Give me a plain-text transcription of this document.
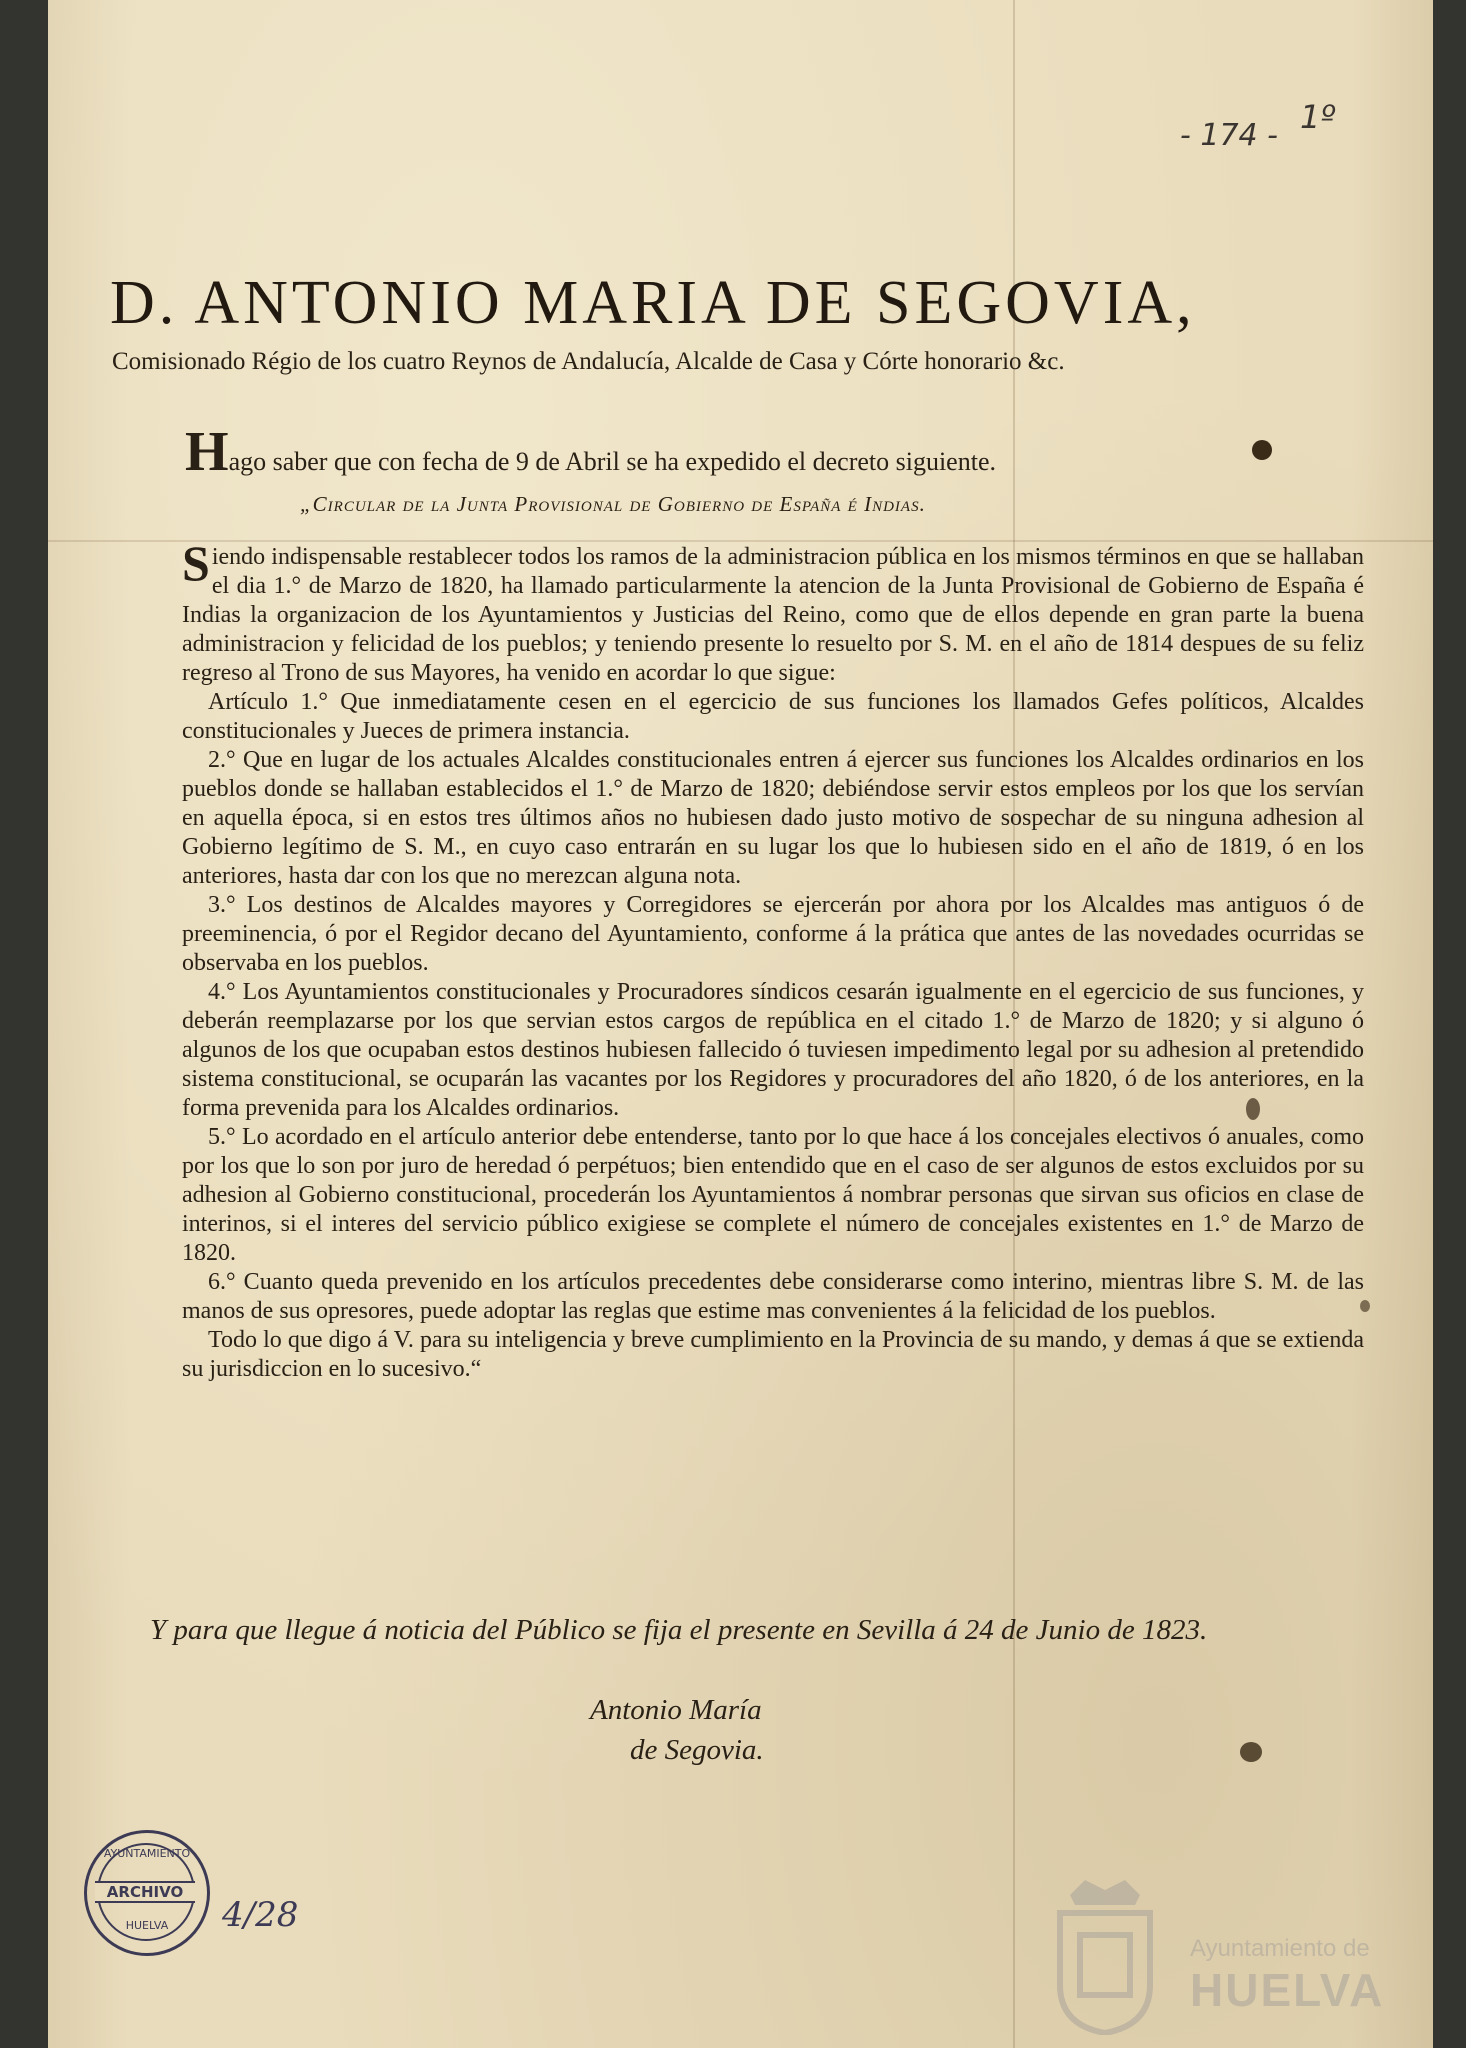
- 174 - 1º
D. ANTONIO MARIA DE SEGOVIA,
Comisionado Régio de los cuatro Reynos de Andalucía, Alcalde de Casa y Córte honorario &c.
Hago saber que con fecha de 9 de Abril se ha expedido el decreto siguiente.
„Circular de la Junta Provisional de Gobierno de España é Indias.

Siendo indispensable restablecer todos los ramos de la administracion pública en los mismos términos en que se hallaban el dia 1.° de Marzo de 1820, ha llamado particularmente la atencion de la Junta Provisional de Gobierno de España é Indias la organizacion de los Ayuntamientos y Justicias del Reino, como que de ellos depende en gran parte la buena administracion y felicidad de los pueblos; y teniendo presente lo resuelto por S. M. en el año de 1814 despues de su feliz regreso al Trono de sus Mayores, ha venido en acordar lo que sigue:

Artículo 1.° Que inmediatamente cesen en el egercicio de sus funciones los llamados Gefes políticos, Alcaldes constitucionales y Jueces de primera instancia.

2.° Que en lugar de los actuales Alcaldes constitucionales entren á ejercer sus funciones los Alcaldes ordinarios en los pueblos donde se hallaban establecidos el 1.° de Marzo de 1820; debiéndose servir estos empleos por los que los servían en aquella época, si en estos tres últimos años no hubiesen dado justo motivo de sospechar de su ninguna adhesion al Gobierno legítimo de S. M., en cuyo caso entrarán en su lugar los que lo hubiesen sido en el año de 1819, ó en los anteriores, hasta dar con los que no merezcan alguna nota.

3.° Los destinos de Alcaldes mayores y Corregidores se ejercerán por ahora por los Alcaldes mas antiguos ó de preeminencia, ó por el Regidor decano del Ayuntamiento, conforme á la prática que antes de las novedades ocurridas se observaba en los pueblos.

4.° Los Ayuntamientos constitucionales y Procuradores síndicos cesarán igualmente en el egercicio de sus funciones, y deberán reemplazarse por los que servian estos cargos de república en el citado 1.° de Marzo de 1820; y si alguno ó algunos de los que ocupaban estos destinos hubiesen fallecido ó tuviesen impedimento legal por su adhesion al pretendido sistema constitucional, se ocuparán las vacantes por los Regidores y procuradores del año 1820, ó de los anteriores, en la forma prevenida para los Alcaldes ordinarios.

5.° Lo acordado en el artículo anterior debe entenderse, tanto por lo que hace á los concejales electivos ó anuales, como por los que lo son por juro de heredad ó perpétuos; bien entendido que en el caso de ser algunos de estos excluidos por su adhesion al Gobierno constitucional, procederán los Ayuntamientos á nombrar personas que sirvan sus oficios en clase de interinos, si el interes del servicio público exigiese se complete el número de concejales existentes en 1.° de Marzo de 1820.

6.° Cuanto queda prevenido en los artículos precedentes debe considerarse como interino, mientras libre S. M. de las manos de sus opresores, puede adoptar las reglas que estime mas convenientes á la felicidad de los pueblos.

Todo lo que digo á V. para su inteligencia y breve cumplimiento en la Provincia de su mando, y demas á que se extienda su jurisdiccion en lo sucesivo.“

Y para que llegue á noticia del Público se fija el presente en Sevilla á 24 de Junio de 1823.
Antonio María
de Segovia.
AYUNTAMIENTO
ARCHIVO
HUELVA	4/28
Ayuntamiento de
HUELVA
